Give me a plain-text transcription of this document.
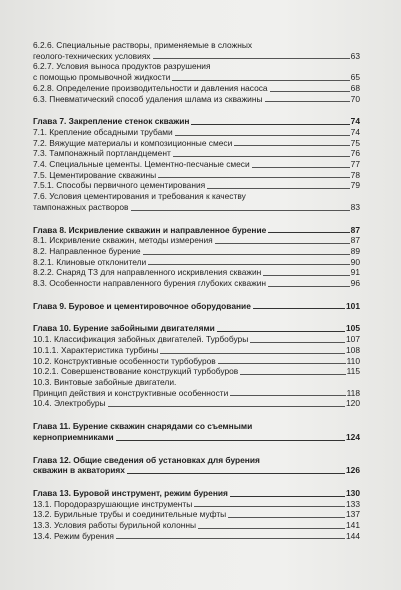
6.2.6. Специальные растворы, применяемые в сложных
геолого-технических условиях	63
6.2.7. Условия выноса продуктов разрушения
с помощью промывочной жидкости	65
6.2.8. Определение производительности и давления насоса	68
6.3. Пневматический способ удаления шлама из скважины	70
Глава 7. Закрепление стенок скважин	74
7.1. Крепление обсадными трубами	74
7.2. Вяжущие материалы и композиционные смеси	75
7.3. Тампонажный портландцемент	76
7.4. Специальные цементы. Цементно-песчаные смеси	77
7.5. Цементирование скважины	78
7.5.1. Способы первичного цементирования	79
7.6. Условия цементирования и требования к качеству
тампонажных растворов	83
Глава 8. Искривление скважин и направленное бурение	87
8.1. Искривление скважин, методы измерения	87
8.2. Направленное бурение	89
8.2.1. Клиновые отклонители	90
8.2.2. Снаряд ТЗ для направленного искривления скважин	91
8.3. Особенности направленного бурения глубоких скважин	96
Глава 9. Буровое и цементировочное оборудование	101
Глава 10. Бурение забойными двигателями	105
10.1. Классификация забойных двигателей. Турбобуры	107
10.1.1. Характеристика турбины	108
10.2. Конструктивные особенности турбобуров	110
10.2.1. Совершенствование конструкций турбобуров	115
10.3. Винтовые забойные двигатели.
Принцип действия и конструктивные особенности	118
10.4. Электробуры	120
Глава 11. Бурение скважин снарядами со съемными
керноприемниками	124
Глава 12. Общие сведения об установках для бурения
скважин в акваториях	126
Глава 13. Буровой инструмент, режим бурения	130
13.1. Породоразрушающие инструменты	133
13.2. Бурильные трубы и соединительные муфты	137
13.3. Условия работы бурильной колонны	141
13.4. Режим бурения	144
